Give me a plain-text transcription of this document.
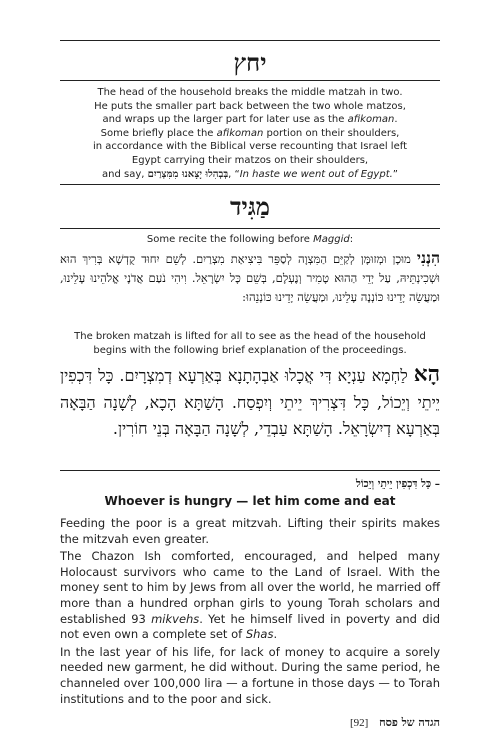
יחץ
The head of the household breaks the middle matzah in two.
He puts the smaller part back between the two whole matzos,
and wraps up the larger part for later use as the afikoman.
Some briefly place the afikoman portion on their shoulders,
in accordance with the Biblical verse recounting that Israel left
Egypt carrying their matzos on their shoulders,
and say, בְּבְהִלוּ יָצָאנוּ מִמִּצְרַיִם, “In haste we went out of Egypt.”
מַגִּיד
Some recite the following before Maggid:
הִנְנִי מוּכָן וּמְזוּמָּן לְקַיֵּם הַמִּצְוָה לְסַפֵּר בִּיצִיאַת מִצְרַיִם. לְשֵׁם יִחוּד קֻדְשָׁא בְּרִיךְ הוּא וּשְׁכִינְתֵּיהּ, עַל יְדֵי הַהוּא טָמִיר וְנֶעְלָם, בְּשֵׁם כָּל יִשְׂרָאֵל. וִיהִי נֹעַם אֲדֹנָי אֱלֹהֵינוּ עָלֵינוּ, וּמַעֲשֵׂה יָדֵינוּ כּוֹנְנָה עָלֵינוּ, וּמַעֲשֵׂה יָדֵינוּ כּוֹנְנֵהוּ:
The broken matzah is lifted for all to see as the head of the household
begins with the following brief explanation of the proceedings.
הָא לַחְמָא עַנְיָא דִּי אֲכָלוּ אַבְהָתָנָא בְּאַרְעָא דְמִצְרָיִם. כָּל דִּכְפִין יֵיתֵי וְיֵכוֹל, כָּל דִּצְרִיךְ יֵיתֵי וְיִפְסַח. הָשַׁתָּא הָכָא, לְשָׁנָה הַבָּאָה בְּאַרְעָא דְיִשְׂרָאֵל. הָשַׁתָּא עַבְדֵי, לְשָׁנָה הַבָּאָה בְּנֵי חוֹרִין.
– כָּל דִּכְפִין יֵיתֵי וְיֵכוֹל
Whoever is hungry — let him come and eat

Feeding the poor is a great mitzvah. Lifting their spirits makes the mitzvah even greater.

The Chazon Ish comforted, encouraged, and helped many Holocaust survivors who came to the Land of Israel. With the money sent to him by Jews from all over the world, he married off more than a hundred orphan girls to young Torah scholars and established 93 mikvehs. Yet he himself lived in poverty and did not even own a complete set of Shas.

In the last year of his life, for lack of money to acquire a sorely needed new garment, he did without. During the same period, he channeled over 100,000 lira — a fortune in those days — to Torah institutions and to the poor and sick.

הגדה של פסח [92]
